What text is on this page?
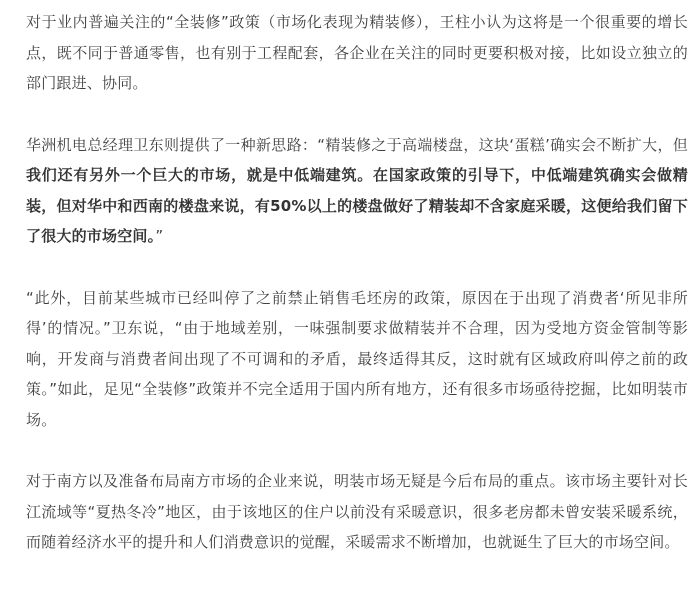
对于业内普遍关注的“全装修”政策（市场化表现为精装修），王柱小认为这将是一个很重要的增长点，既不同于普通零售，也有别于工程配套，各企业在关注的同时更要积极对接，比如设立独立的部门跟进、协同。

华洲机电总经理卫东则提供了一种新思路：“精装修之于高端楼盘，这块‘蛋糕’确实会不断扩大，但我们还有另外一个巨大的市场，就是中低端建筑。在国家政策的引导下，中低端建筑确实会做精装，但对华中和西南的楼盘来说，有50%以上的楼盘做好了精装却不含家庭采暖，这便给我们留下了很大的市场空间。”

“此外，目前某些城市已经叫停了之前禁止销售毛坯房的政策，原因在于出现了消费者‘所见非所得’的情况。”卫东说，“由于地域差别，一味强制要求做精装并不合理，因为受地方资金管制等影响，开发商与消费者间出现了不可调和的矛盾，最终适得其反，这时就有区域政府叫停之前的政策。”如此，足见“全装修”政策并不完全适用于国内所有地方，还有很多市场亟待挖掘，比如明装市场。

对于南方以及准备布局南方市场的企业来说，明装市场无疑是今后布局的重点。该市场主要针对长江流域等“夏热冬冷”地区，由于该地区的住户以前没有采暖意识，很多老房都未曾安装采暖系统，而随着经济水平的提升和人们消费意识的觉醒，采暖需求不断增加，也就诞生了巨大的市场空间。
